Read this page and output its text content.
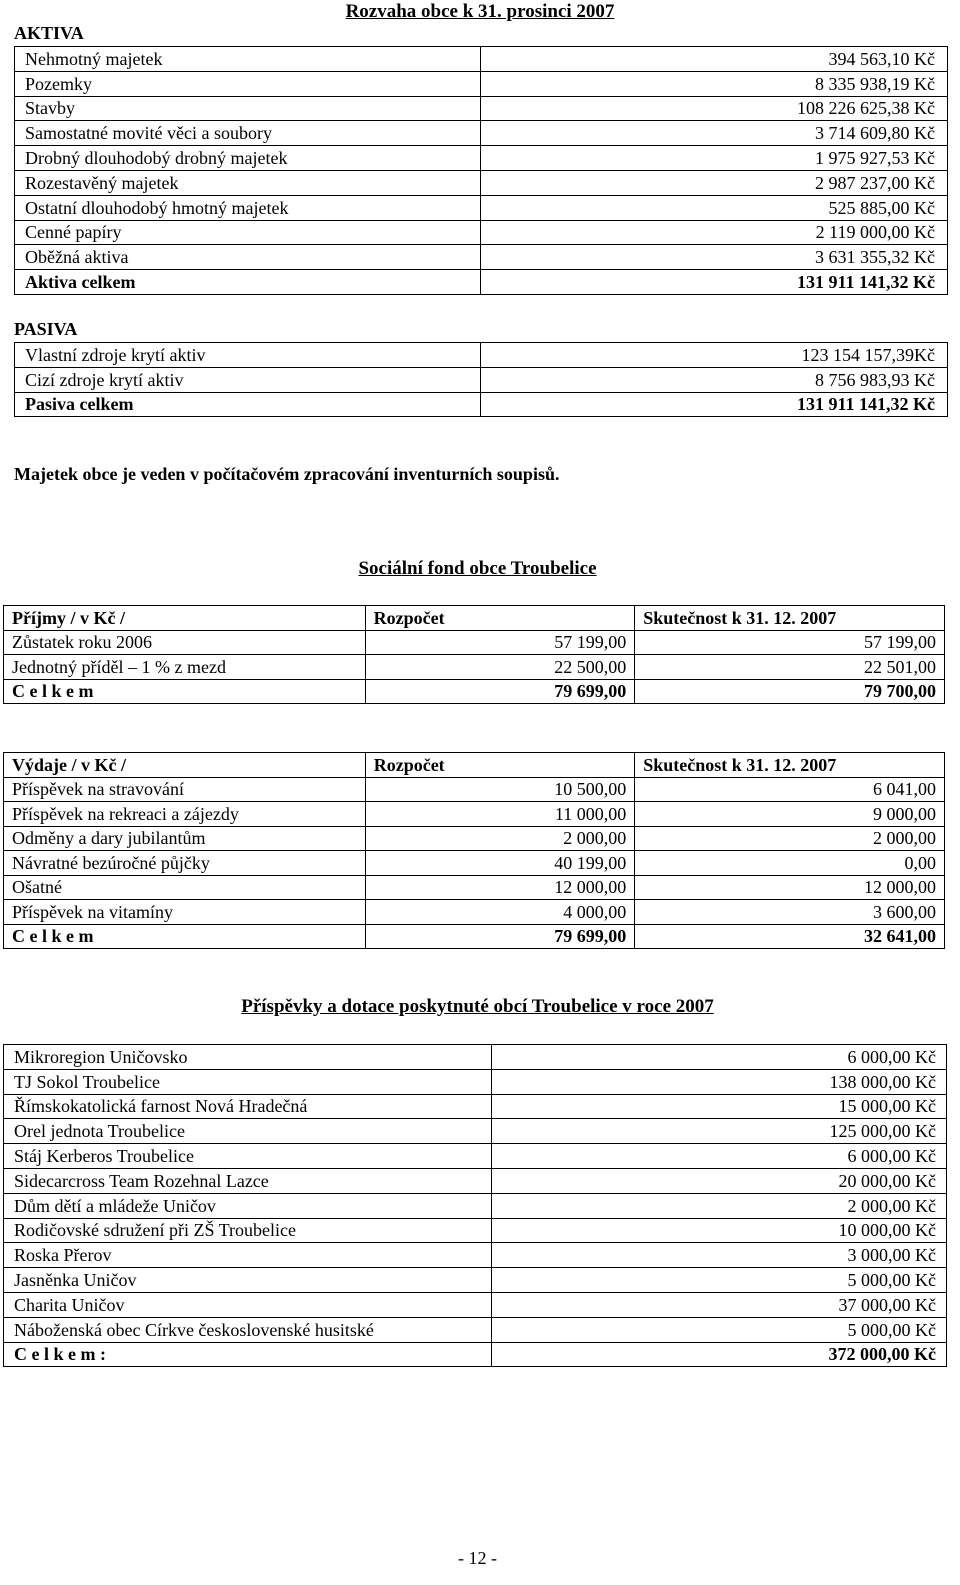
Rozvaha obce k 31. prosinci 2007
AKTIVA
Nehmotný majetek	394 563,10 Kč
Pozemky	8 335 938,19 Kč
Stavby	108 226 625,38 Kč
Samostatné movité věci a soubory	3 714 609,80 Kč
Drobný dlouhodobý drobný majetek	1 975 927,53 Kč
Rozestavěný majetek	2 987 237,00 Kč
Ostatní dlouhodobý hmotný majetek	525 885,00 Kč
Cenné papíry	2 119 000,00 Kč
Oběžná aktiva	3 631 355,32 Kč
Aktiva celkem	131 911 141,32 Kč
PASIVA
Vlastní zdroje krytí aktiv	123 154 157,39Kč
Cizí zdroje krytí aktiv	8 756 983,93 Kč
Pasiva celkem	131 911 141,32 Kč
Majetek obce je veden v počítačovém zpracování inventurních soupisů.
Sociální fond obce Troubelice
Příjmy / v Kč /	Rozpočet	Skutečnost k 31. 12. 2007
Zůstatek roku 2006	57 199,00	57 199,00
Jednotný příděl – 1 % z mezd	22 500,00	22 501,00
C e l k e m	79 699,00	79 700,00
Výdaje / v Kč /	Rozpočet	Skutečnost k 31. 12. 2007
Příspěvek na stravování	10 500,00	6 041,00
Příspěvek na rekreaci a zájezdy	11 000,00	9 000,00
Odměny a dary jubilantům	2 000,00	2 000,00
Návratné bezúročné půjčky	40 199,00	0,00
Ošatné	12 000,00	12 000,00
Příspěvek na vitamíny	4 000,00	3 600,00
C e l k e m	79 699,00	32 641,00
Příspěvky a dotace poskytnuté obcí Troubelice v roce 2007
Mikroregion Uničovsko	6 000,00 Kč
TJ Sokol Troubelice	138 000,00 Kč
Římskokatolická farnost Nová Hradečná	15 000,00 Kč
Orel jednota Troubelice	125 000,00 Kč
Stáj Kerberos Troubelice	6 000,00 Kč
Sidecarcross Team Rozehnal Lazce	20 000,00 Kč
Dům dětí a mládeže Uničov	2 000,00 Kč
Rodičovské sdružení při ZŠ Troubelice	10 000,00 Kč
Roska Přerov	3 000,00 Kč
Jasněnka Uničov	5 000,00 Kč
Charita Uničov	37 000,00 Kč
Náboženská obec Církve československé husitské	5 000,00 Kč
C e l k e m :	372 000,00 Kč
- 12 -
